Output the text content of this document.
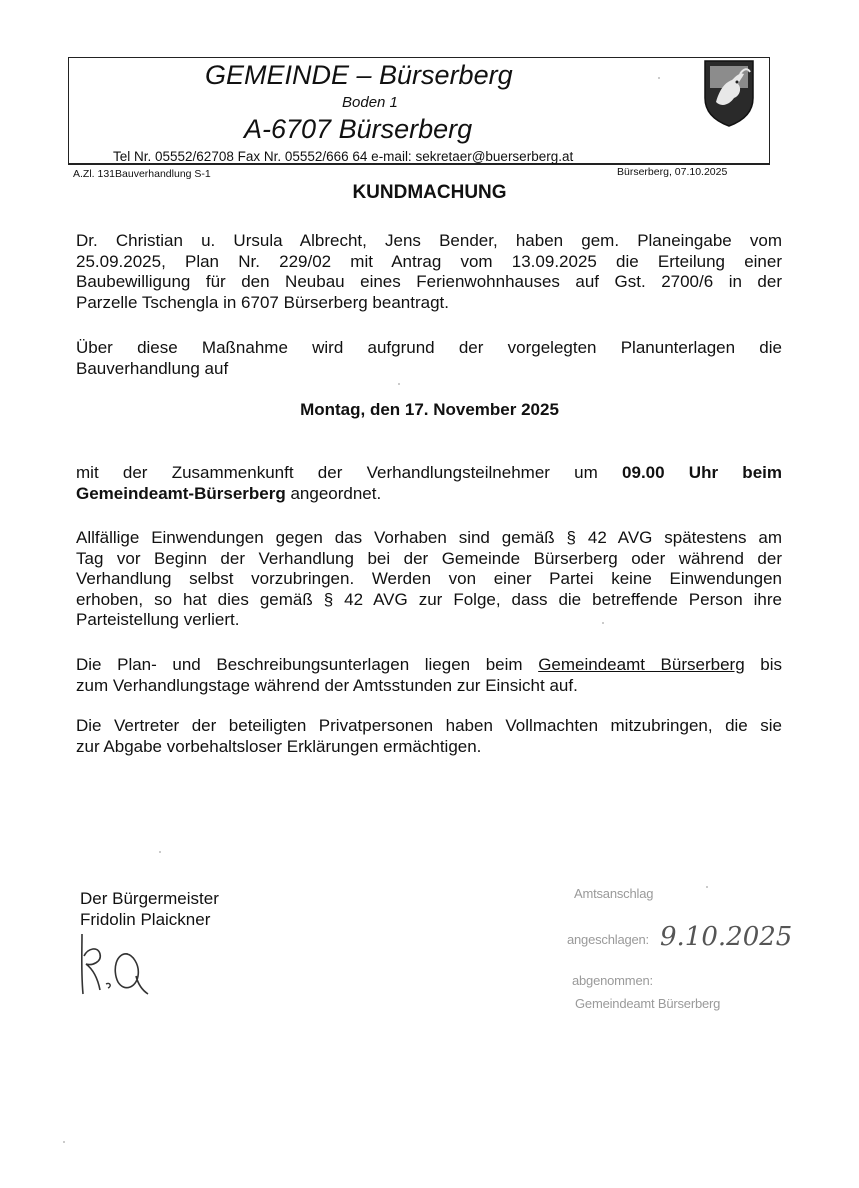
GEMEINDE – Bürserberg
Boden 1
A-6707 Bürserberg
Tel Nr. 05552/62708 Fax Nr. 05552/666 64 e-mail: sekretaer@buerserberg.at
A.Zl. 131Bauverhandlung S-1	Bürserberg, 07.10.2025
KUNDMACHUNG
Dr. Christian u. Ursula Albrecht, Jens Bender, haben gem. Planeingabe vom
25.09.2025, Plan Nr. 229/02 mit Antrag vom 13.09.2025 die Erteilung einer
Baubewilligung für den Neubau eines Ferienwohnhauses auf Gst. 2700/6 in der
Parzelle Tschengla in 6707 Bürserberg beantragt.
Über diese Maßnahme wird aufgrund der vorgelegten Planunterlagen die
Bauverhandlung auf
Montag, den 17. November 2025
mit der Zusammenkunft der Verhandlungsteilnehmer um 09.00 Uhr beim
Gemeindeamt-Bürserberg angeordnet.
Allfällige Einwendungen gegen das Vorhaben sind gemäß § 42 AVG spätestens am
Tag vor Beginn der Verhandlung bei der Gemeinde Bürserberg oder während der
Verhandlung selbst vorzubringen. Werden von einer Partei keine Einwendungen
erhoben, so hat dies gemäß § 42 AVG zur Folge, dass die betreffende Person ihre
Parteistellung verliert.
Die Plan- und Beschreibungsunterlagen liegen beim Gemeindeamt Bürserberg bis
zum Verhandlungstage während der Amtsstunden zur Einsicht auf.
Die Vertreter der beteiligten Privatpersonen haben Vollmachten mitzubringen, die sie
zur Abgabe vorbehaltsloser Erklärungen ermächtigen.
Der Bürgermeister
Fridolin Plaickner
Amtsanschlag
angeschlagen: 9.10.2025
abgenommen:
Gemeindeamt Bürserberg
